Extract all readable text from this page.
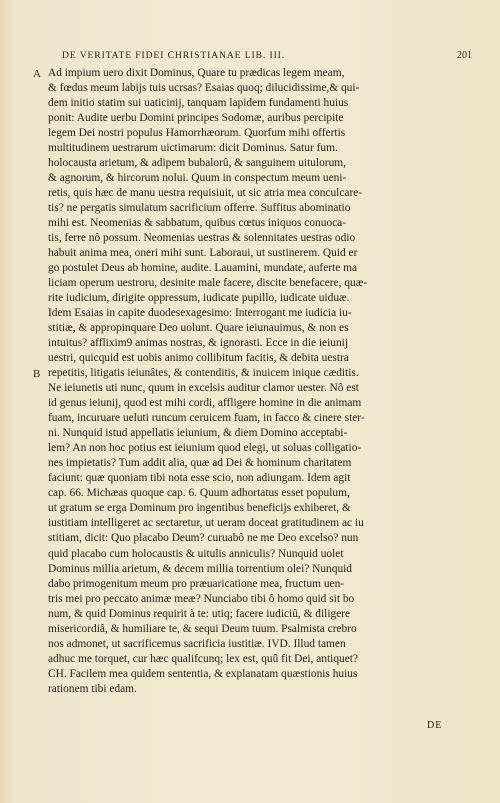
DE VERITATE FIDEI CHRISTIANAE LIB. III.	201
A
B
Ad impium uero dixit Dominus, Quare tu prædicas legem meam,
& fœdus meum labijs tuis ucrsas? Esaias quoq; dilucidissime,& qui-
dem initio statim sui uaticinij, tanquam lapidem fundamenti huius
ponit: Audite uerbu Domini principes Sodomæ, auribus percipite
legem Dei nostri populus Hamorrhæorum. Quorfum mihi offertis
multitudinem uestrarum uictimarum: dicit Dominus. Satur fum.
holocausta arietum, & adipem bubalorû, & sanguinem uitulorum,
& agnorum, & hircorum nolui. Quum in conspectum meum ueni-
retis, quis hæc de manu uestra requisiuit, ut sic atria mea conculcare-
tis? ne pergatis simulatum sacrificium offerre. Suffitus abominatio
mihi est. Neomenias & sabbatum, quibus cœtus iniquos conuoca-
tis, ferre nô possum. Neomenias uestras & solennitates uestras odio
habuit anima mea, oneri mihi sunt. Laboraui, ut sustinerem. Quid er
go postulet Deus ab homine, audite. Lauamini, mundate, auferte ma
liciam operum uestroru, desinite male facere, discite benefacere, quæ-
rite iudicium, dirigite oppressum, iudicate pupillo, iudicate uiduæ.
Idem Esaias in capite duodesexagesimo: Interrogant me iudicia iu-
stitiæ, & appropinquare Deo uolunt. Quare ieiunauimus, & non es
intuitus? afflixim9 animas nostras, & ignorasti. Ecce in die ieiunij
uestri, quicquid est uobis animo collibitum facitis, & debita uestra
repetitis, litigatis ieiunâtes, & contenditis, & inuicem inique cæditis.
Ne ieiunetis uti nunc, quum in excelsis auditur clamor uester. Nô est
id genus ieiunij, quod est mihi cordi, affligere homine in die animam
fuam, incuruare ueluti runcum ceruicem fuam, in facco & cinere ster-
ni. Nunquid istud appellatis ieiunium, & diem Domino acceptabi-
lem? An non hoc potius est ieiunium quod elegi, ut soluas colligatio-
nes impietatis? Tum addit alia, quæ ad Dei & hominum charitatem
faciunt: quæ quoniam tibi nota esse scio, non adiungam. Idem agit
cap. 66. Michæas quoque cap. 6. Quum adhortatus esset populum,
ut gratum se erga Dominum pro ingentibus beneficijs exhiberet, &
iustitiam intelligeret ac sectaretur, ut ueram doceat gratitudinem ac iu
stitiam, dicit: Quo placabo Deum? curuabô ne me Deo excelso? nun
quid placabo cum holocaustis & uitulis anniculis? Nunquid uolet
Dominus millia arietum, & decem millia torrentium olei? Nunquid
dabo primogenitum meum pro præuaricatione mea, fructum uen-
tris mei pro peccato animæ meæ? Nunciabo tibi ô homo quid sit bo
num, & quid Dominus requirit à te: utiq; facere iudiciû, & diligere
misericordiâ, & humiliare te, & sequi Deum tuum. Psalmista crebro
nos admonet, ut sacrificemus sacrificia iustitiæ. IVD. Illud tamen
adhuc me torquet, cur hæc qualifcunq; lex est, quû fit Dei, antiquet?
CH. Facilem mea quidem sententia, & explanatam quæstionis huius
rationem tibi edam.
DE
